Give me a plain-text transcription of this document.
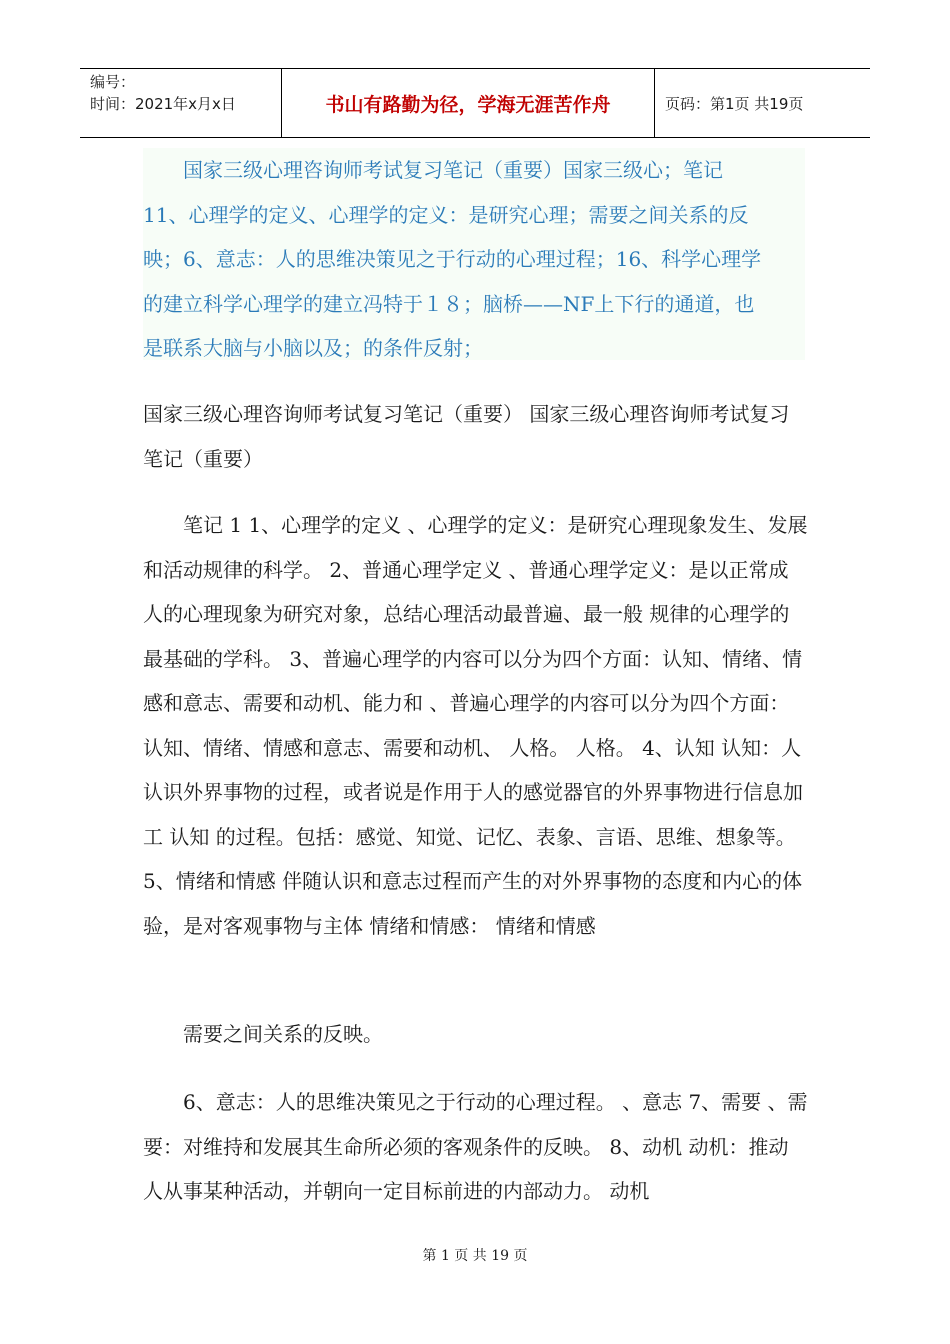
编号：
时间：2021年x月x日	书山有路勤为径，学海无涯苦作舟	页码：第1页 共19页

国家三级心理咨询师考试复习笔记（重要）国家三级心；笔记

11、心理学的定义、心理学的定义：是研究心理；需要之间关系的反

映；6、意志：人的思维决策见之于行动的心理过程；16、科学心理学

的建立科学心理学的建立冯特于１８；脑桥——NF上下行的通道，也

是联系大脑与小脑以及；的条件反射；

国家三级心理咨询师考试复习笔记（重要） 国家三级心理咨询师考试复习笔记（重要）

笔记 1 1、心理学的定义 、心理学的定义：是研究心理现象发生、发展和活动规律的科学。 2、普通心理学定义 、普通心理学定义：是以正常成人的心理现象为研究对象，总结心理活动最普遍、最一般 规律的心理学的最基础的学科。 3、普遍心理学的内容可以分为四个方面：认知、情绪、情感和意志、需要和动机、能力和 、普遍心理学的内容可以分为四个方面：认知、情绪、情感和意志、需要和动机、 人格。 人格。 4、认知 认知：人认识外界事物的过程，或者说是作用于人的感觉器官的外界事物进行信息加工 认知 的过程。包括：感觉、知觉、记忆、表象、言语、思维、想象等。 5、情绪和情感 伴随认识和意志过程而产生的对外界事物的态度和内心的体验，是对客观事物与主体 情绪和情感： 情绪和情感

需要之间关系的反映。

6、意志：人的思维决策见之于行动的心理过程。 、意志 7、需要 、需要：对维持和发展其生命所必须的客观条件的反映。 8、动机 动机：推动人从事某种活动，并朝向一定目标前进的内部动力。 动机

第 1 页 共 19 页
